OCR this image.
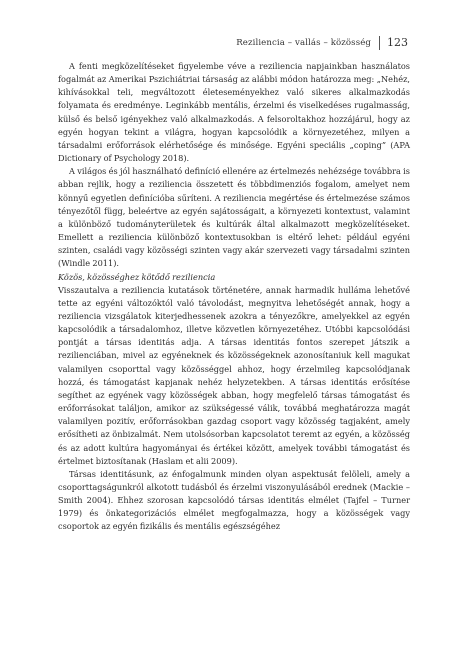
Reziliencia – vallás – közösség	123

A fenti megközelítéseket figyelembe véve a reziliencia napjainkban használatos fogalmát az Amerikai Pszichiátriai társaság az alábbi módon határozza meg: „Nehéz, kihívásokkal teli, megváltozott életeseményekhez való sikeres alkalmazkodás folyamata és eredménye. Leginkább mentális, érzelmi és viselkedéses rugalmasság, külső és belső igényekhez való alkalmazkodás. A felsoroltakhoz hozzájárul, hogy az egyén hogyan tekint a világra, hogyan kapcsolódik a környezetéhez, milyen a társadalmi erőforrások elérhetősége és minősége. Egyéni speciális „coping” (APA Dictionary of Psychology 2018).

A világos és jól használható definíció ellenére az értelmezés nehézsége továbbra is abban rejlik, hogy a reziliencia összetett és többdimenziós fogalom, amelyet nem könnyű egyetlen definícióba sűríteni. A reziliencia megértése és értelmezése számos tényezőtől függ, beleértve az egyén sajátosságait, a környezeti kontextust, valamint a különböző tudományterületek és kultúrák által alkalmazott megközelítéseket. Emellett a reziliencia különböző kontextusokban is eltérő lehet: például egyéni szinten, családi vagy közösségi szinten vagy akár szervezeti vagy társadalmi szinten (Windle 2011).

Közös, közösséghez kötődő reziliencia

Visszautalva a reziliencia kutatások történetére, annak harmadik hulláma lehetővé tette az egyéni változóktól való távolodást, megnyitva lehetőségét annak, hogy a reziliencia vizsgálatok kiterjedhessenek azokra a tényezőkre, amelyekkel az egyén kapcsolódik a társadalomhoz, illetve közvetlen környezetéhez. Utóbbi kapcsolódási pontját a társas identitás adja. A társas identitás fontos szerepet játszik a rezilienciában, mivel az egyéneknek és közösségeknek azonosítaniuk kell magukat valamilyen csoporttal vagy közösséggel ahhoz, hogy érzelmileg kapcsolódjanak hozzá, és támogatást kapjanak nehéz helyzetekben. A társas identitás erősítése segíthet az egyének vagy közösségek abban, hogy megfelelő társas támogatást és erőforrásokat találjon, amikor az szükségessé válik, továbbá meghatározza magát valamilyen pozitív, erőforrásokban gazdag csoport vagy közösség tagjaként, amely erősítheti az önbizalmát. Nem utolsósorban kapcsolatot teremt az egyén, a közösség és az adott kultúra hagyományai és értékei között, amelyek további támogatást és értelmet biztosítanak (Haslam et alii 2009).

Társas identitásunk, az énfogalmunk minden olyan aspektusát felöleli, amely a csoporttagságunkról alkotott tudásból és érzelmi viszonyulásából erednek (Mackie – Smith 2004). Ehhez szorosan kapcsolódó társas identitás elmélet (Tajfel – Turner 1979) és önkategorizációs elmélet megfogalmazza, hogy a közösségek vagy csoportok az egyén fizikális és mentális egészségéhez
